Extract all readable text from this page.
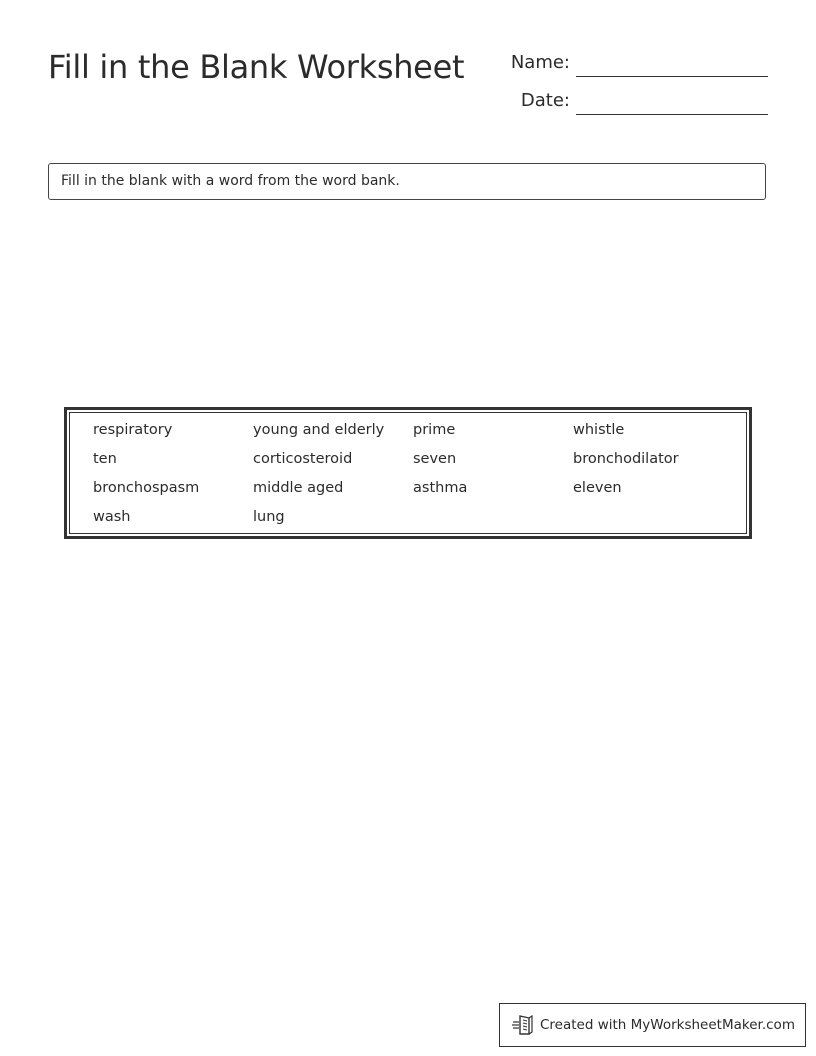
Fill in the Blank Worksheet	Name:
Date:
Fill in the blank with a word from the word bank.
respiratory	young and elderly	prime	whistle
ten	corticosteroid	seven	bronchodilator
bronchospasm	middle aged	asthma	eleven
wash	lung
Created with MyWorksheetMaker.com
